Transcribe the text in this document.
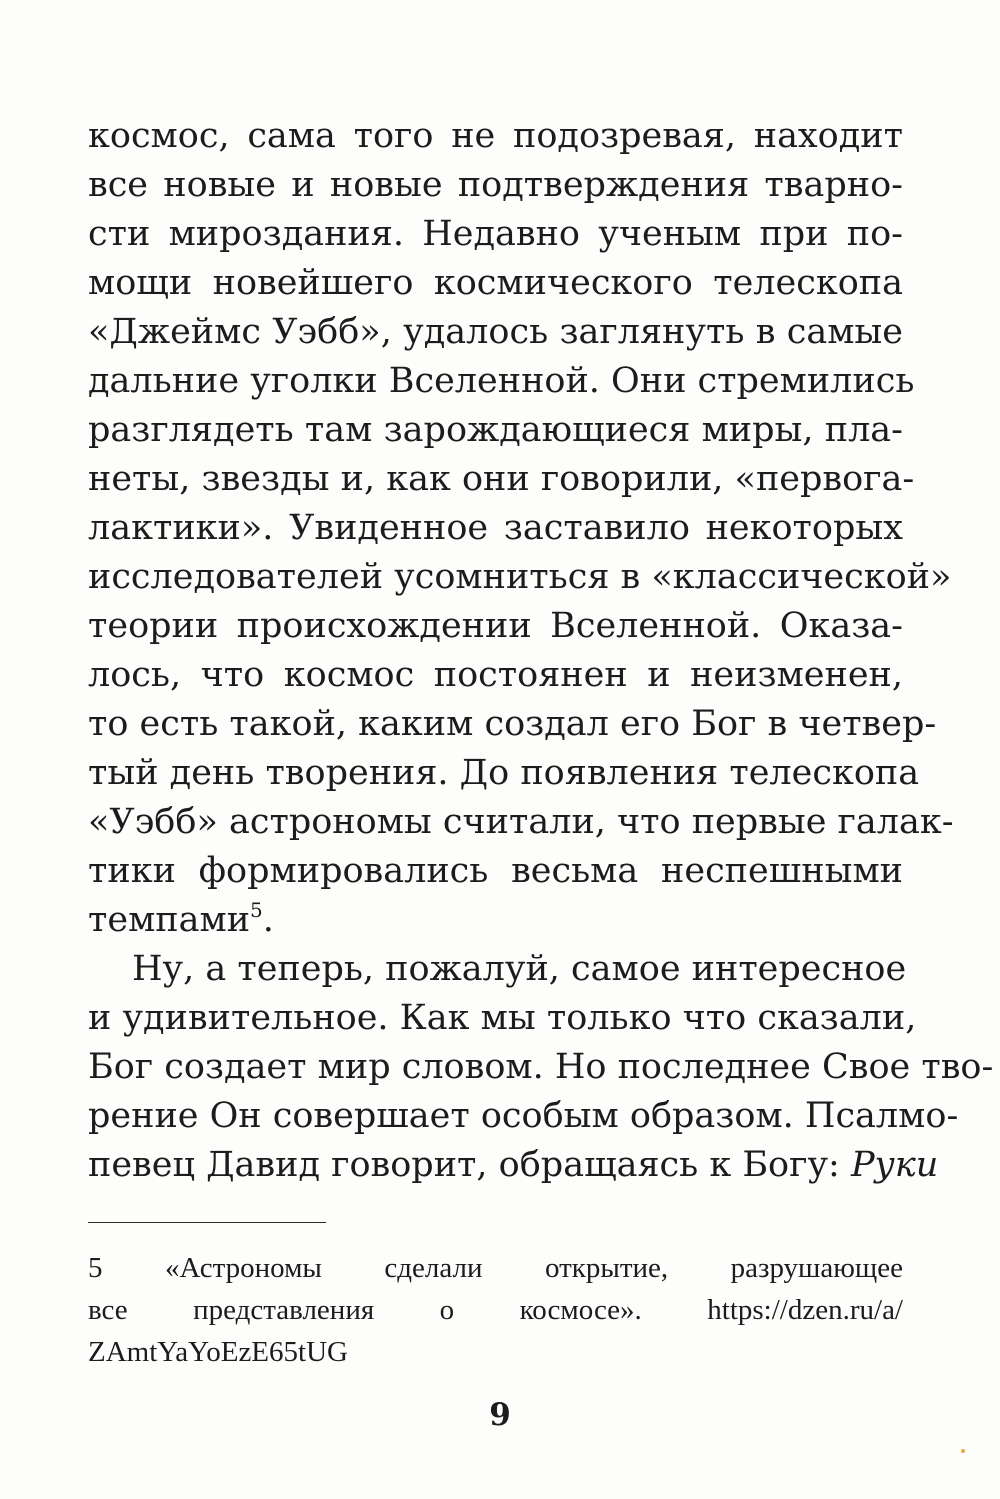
космос, сама того не подозревая, находит
все новые и новые подтверждения тварно-
сти мироздания. Недавно ученым при по-
мощи новейшего космического телескопа
«Джеймс Уэбб», удалось заглянуть в самые
дальние уголки Вселенной. Они стремились
разглядеть там зарождающиеся миры, пла-
неты, звезды и, как они говорили, «первога-
лактики». Увиденное заставило некоторых
исследователей усомниться в «классической»
теории происхождении Вселенной. Оказа-
лось, что космос постоянен и неизменен,
то есть такой, каким создал его Бог в четвер-
тый день творения. До появления телескопа
«Уэбб» астрономы считали, что первые галак-
тики формировались весьма неспешными
темпами$^5$.
Ну, а теперь, пожалуй, самое интересное
и удивительное. Как мы только что сказали,
Бог создает мир словом. Но последнее Свое тво-
рение Он совершает особым образом. Псалмо-
певец Давид говорит, обращаясь к Богу: Руки
5 «Астрономы сделали открытие, разрушающее
все представления о космосе». https://dzen.ru/a/
ZAmtYaYoEzE65tUG
9
